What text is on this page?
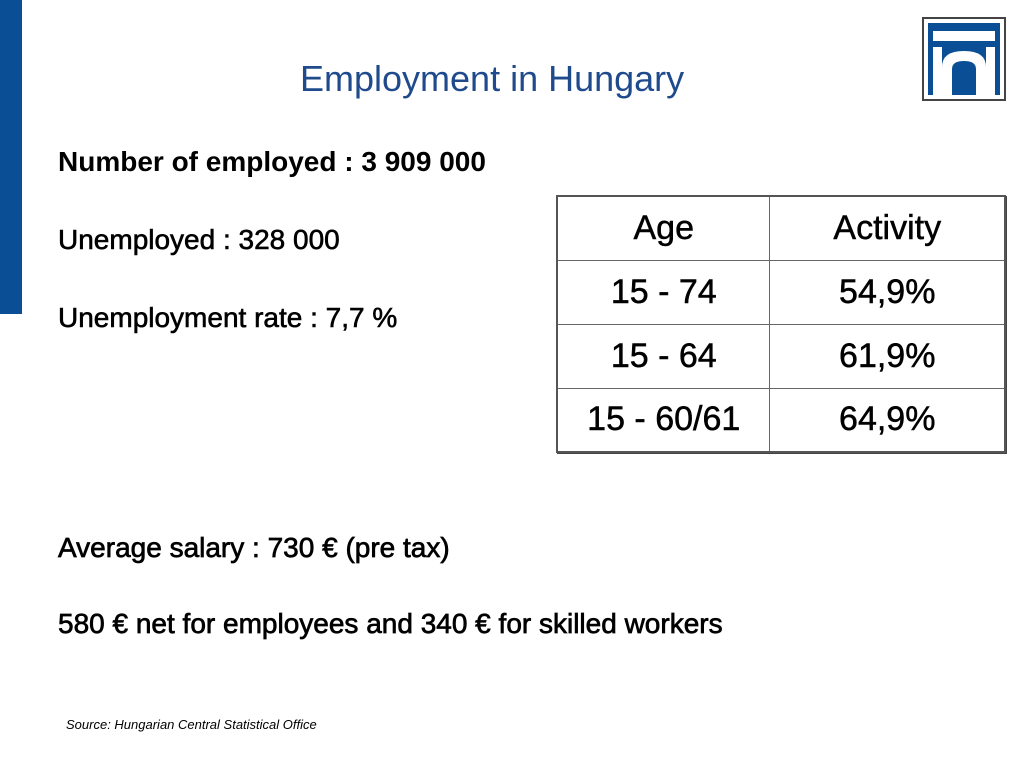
Employment in Hungary
Number of employed : 3 909 000
Unemployed : 328 000
Unemployment rate : 7,7 %
Age	Activity
15 - 74	54,9%
15 - 64	61,9%
15 - 60/61	64,9%
Average salary : 730 € (pre tax)
580 € net for employees and 340 € for skilled workers
Source: Hungarian Central Statistical Office
